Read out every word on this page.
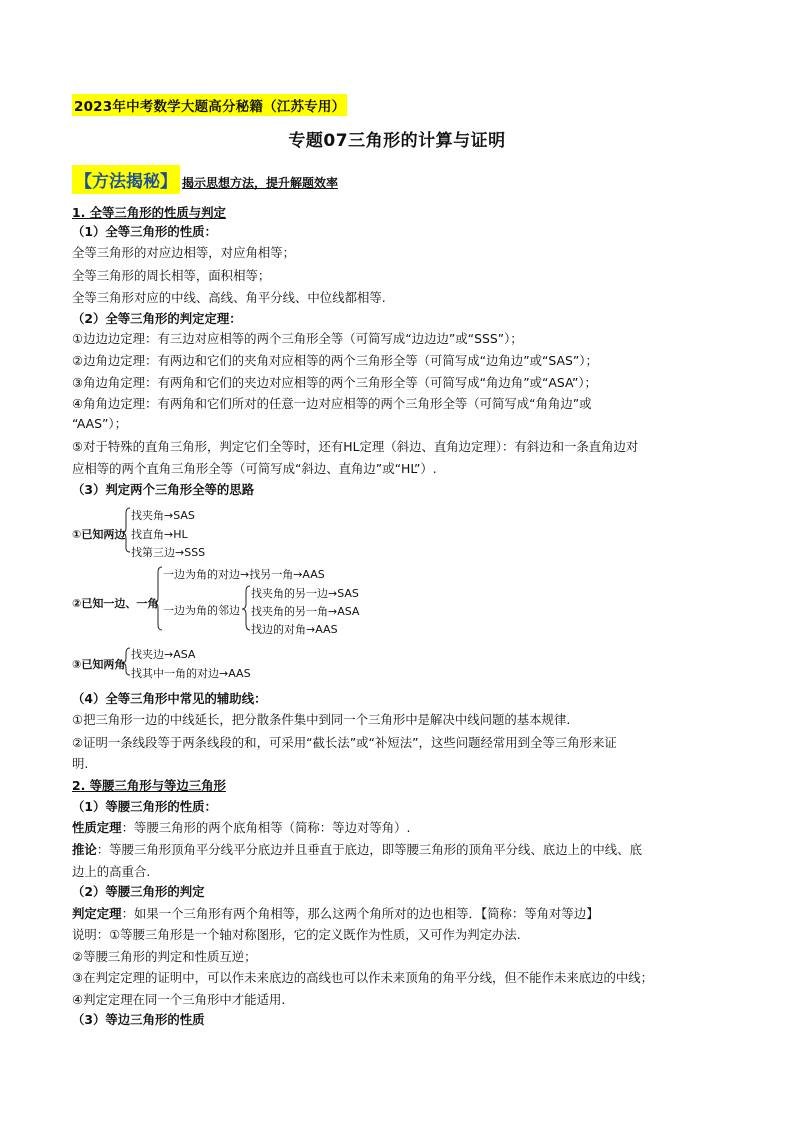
2023年中考数学大题高分秘籍（江苏专用）
专题07三角形的计算与证明
【方法揭秘】 揭示思想方法，提升解题效率
1. 全等三角形的性质与判定
（1）全等三角形的性质：
全等三角形的对应边相等，对应角相等；
全等三角形的周长相等，面积相等；
全等三角形对应的中线、高线、角平分线、中位线都相等.
（2）全等三角形的判定定理：
①边边边定理：有三边对应相等的两个三角形全等（可简写成“边边边”或“SSS”）；
②边角边定理：有两边和它们的夹角对应相等的两个三角形全等（可简写成“边角边”或“SAS”）；
③角边角定理：有两角和它们的夹边对应相等的两个三角形全等（可简写成“角边角”或“ASA”）；
④角角边定理：有两角和它们所对的任意一边对应相等的两个三角形全等（可简写成“角角边”或
“AAS”）；
⑤对于特殊的直角三角形，判定它们全等时，还有HL定理（斜边、直角边定理）：有斜边和一条直角边对
应相等的两个直角三角形全等（可简写成“斜边、直角边”或“HL”）.
（3）判定两个三角形全等的思路
①已知两边
找夹角→SAS
找直角→HL
找第三边→SSS
②已知一边、一角
一边为角的对边→找另一角→AAS
一边为角的邻边
找夹角的另一边→SAS
找夹角的另一角→ASA
找边的对角→AAS
③已知两角
找夹边→ASA
找其中一角的对边→AAS
（4）全等三角形中常见的辅助线：
①把三角形一边的中线延长，把分散条件集中到同一个三角形中是解决中线问题的基本规律.
②证明一条线段等于两条线段的和，可采用“截长法”或“补短法”，这些问题经常用到全等三角形来证
明.
2. 等腰三角形与等边三角形
（1）等腰三角形的性质：
性质定理：等腰三角形的两个底角相等（简称：等边对等角）.
推论：等腰三角形顶角平分线平分底边并且垂直于底边，即等腰三角形的顶角平分线、底边上的中线、底
边上的高重合.
（2）等腰三角形的判定
判定定理：如果一个三角形有两个角相等，那么这两个角所对的边也相等．【简称：等角对等边】
说明：①等腰三角形是一个轴对称图形，它的定义既作为性质，又可作为判定办法.
②等腰三角形的判定和性质互逆；
③在判定定理的证明中，可以作未来底边的高线也可以作未来顶角的角平分线，但不能作未来底边的中线；
④判定定理在同一个三角形中才能适用.
（3）等边三角形的性质
